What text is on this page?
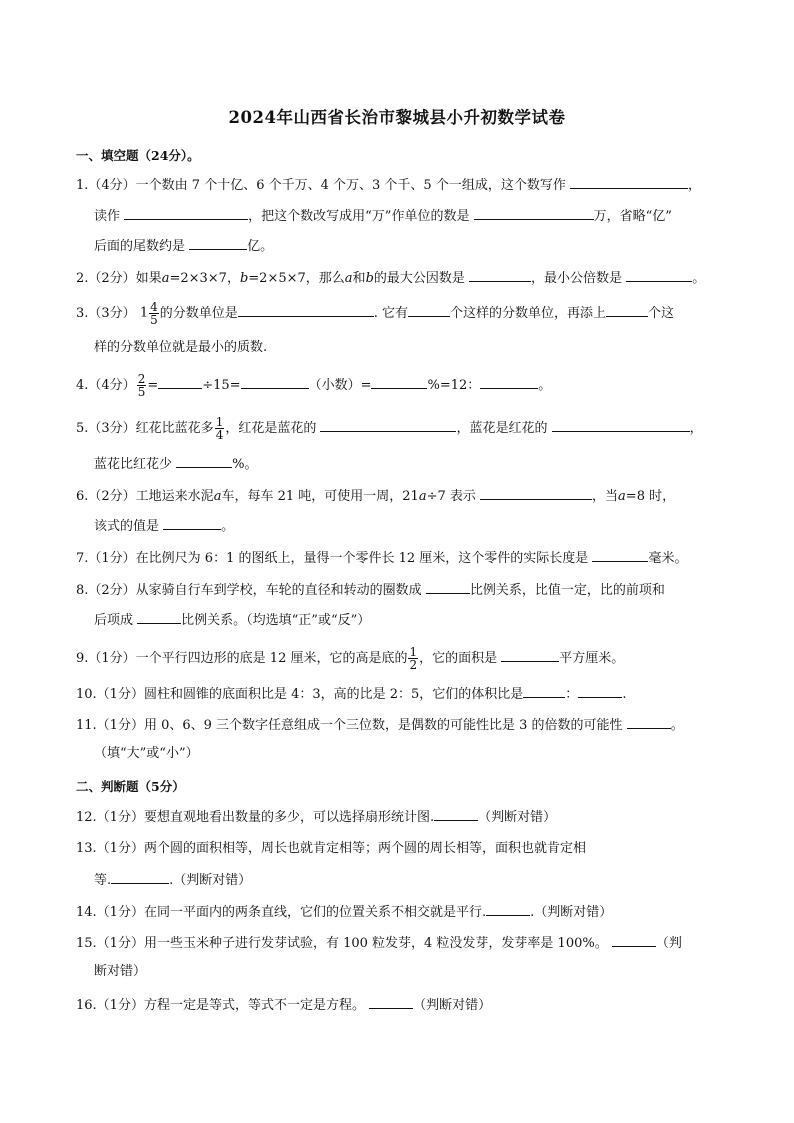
2024年山西省长治市黎城县小升初数学试卷
一、填空题（24分）。
1.（4分）一个数由 7 个十亿、6 个千万、4 个万、3 个千、5 个一组成，这个数写作	，
读作	，把这个数改写成用“万”作单位的数是	万，省略“亿”
后面的尾数约是	亿。
2.（2分）如果a=2×3×7，b=2×5×7，那么a和b的最大公因数是	，最小公倍数是	。
3.（3分） $1 \frac{4}{5}$ 的分数单位是	. 它有	个这样的分数单位，再添上	个这
样的分数单位就是最小的质数.
4.（4分） $\frac{2}{5}$ =	÷15=	（小数）=	%=12：	。
5.（3分）红花比蓝花多 $\frac{1}{4}$ ，红花是蓝花的	，蓝花是红花的	，
蓝花比红花少	%。
6.（2分）工地运来水泥a车，每车 21 吨，可使用一周，21a÷7 表示	，当a=8 时，
该式的值是	。
7.（1分）在比例尺为 6：1 的图纸上，量得一个零件长 12 厘米，这个零件的实际长度是	毫米。
8.（2分）从家骑自行车到学校，车轮的直径和转动的圈数成	比例关系，比值一定，比的前项和
后项成	比例关系。（均选填“正”或“反”）
9.（1分）一个平行四边形的底是 12 厘米，它的高是底的 $\frac{1}{2}$ ，它的面积是	平方厘米。
10.（1分）圆柱和圆锥的底面积比是 4：3，高的比是 2：5，它们的体积比是	：	.
11.（1分）用 0、6、9 三个数字任意组成一个三位数，是偶数的可能性比是 3 的倍数的可能性	。
（填“大”或“小”）
二、判断题（5分）
12.（1分）要想直观地看出数量的多少，可以选择扇形统计图.	（判断对错）
13.（1分）两个圆的面积相等，周长也就肯定相等；两个圆的周长相等，面积也就肯定相
等.	.（判断对错）
14.（1分）在同一平面内的两条直线，它们的位置关系不相交就是平行.	.（判断对错）
15.（1分）用一些玉米种子进行发芽试验，有 100 粒发芽，4 粒没发芽，发芽率是 100%。	（判
断对错）
16.（1分）方程一定是等式，等式不一定是方程。	（判断对错）
